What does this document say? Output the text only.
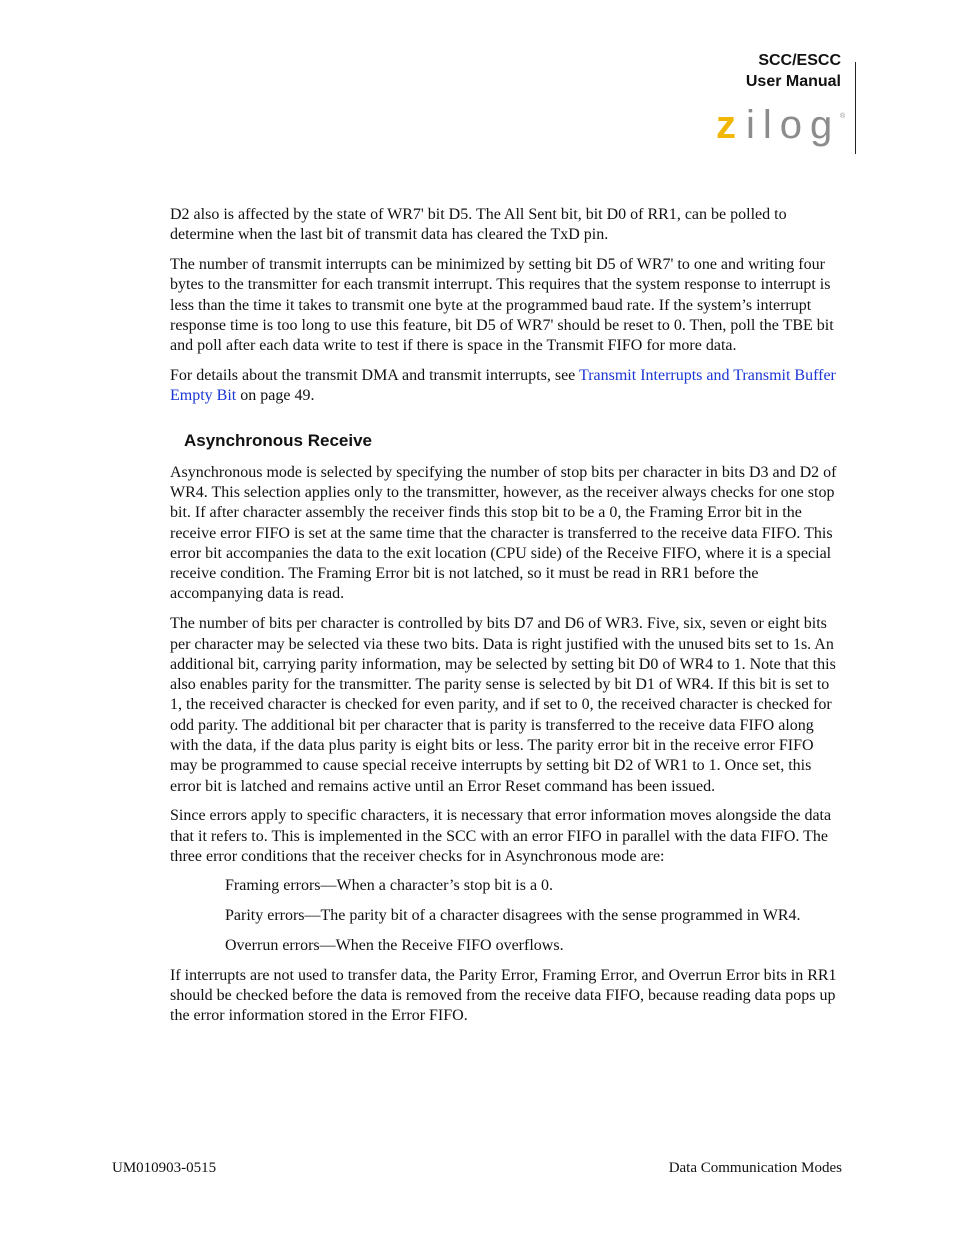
SCC/ESCC
User Manual
z ilog ®

D2 also is affected by the state of WR7' bit D5. The All Sent bit, bit D0 of RR1, can be polled to determine when the last bit of transmit data has cleared the TxD pin.

The number of transmit interrupts can be minimized by setting bit D5 of WR7' to one and writing four bytes to the transmitter for each transmit interrupt. This requires that the system response to interrupt is less than the time it takes to transmit one byte at the programmed baud rate. If the system’s interrupt response time is too long to use this feature, bit D5 of WR7' should be reset to 0. Then, poll the TBE bit and poll after each data write to test if there is space in the Transmit FIFO for more data.

For details about the transmit DMA and transmit interrupts, see Transmit Interrupts and Transmit Buffer Empty Bit on page 49.

Asynchronous Receive

Asynchronous mode is selected by specifying the number of stop bits per character in bits D3 and D2 of WR4. This selection applies only to the transmitter, however, as the receiver always checks for one stop bit. If after character assembly the receiver finds this stop bit to be a 0, the Framing Error bit in the receive error FIFO is set at the same time that the character is transferred to the receive data FIFO. This error bit accompanies the data to the exit location (CPU side) of the Receive FIFO, where it is a special receive condition. The Framing Error bit is not latched, so it must be read in RR1 before the accompanying data is read.

The number of bits per character is controlled by bits D7 and D6 of WR3. Five, six, seven or eight bits per character may be selected via these two bits. Data is right justified with the unused bits set to 1s. An additional bit, carrying parity information, may be selected by setting bit D0 of WR4 to 1. Note that this also enables parity for the transmitter. The parity sense is selected by bit D1 of WR4. If this bit is set to 1, the received character is checked for even parity, and if set to 0, the received character is checked for odd parity. The additional bit per character that is parity is transferred to the receive data FIFO along with the data, if the data plus parity is eight bits or less. The parity error bit in the receive error FIFO may be programmed to cause special receive interrupts by setting bit D2 of WR1 to 1. Once set, this error bit is latched and remains active until an Error Reset command has been issued.

Since errors apply to specific characters, it is necessary that error information moves alongside the data that it refers to. This is implemented in the SCC with an error FIFO in parallel with the data FIFO. The three error conditions that the receiver checks for in Asynchronous mode are:

Framing errors—When a character’s stop bit is a 0.

Parity errors—The parity bit of a character disagrees with the sense programmed in WR4.

Overrun errors—When the Receive FIFO overflows.

If interrupts are not used to transfer data, the Parity Error, Framing Error, and Overrun Error bits in RR1 should be checked before the data is removed from the receive data FIFO, because reading data pops up the error information stored in the Error FIFO.

UM010903-0515	Data Communication Modes
